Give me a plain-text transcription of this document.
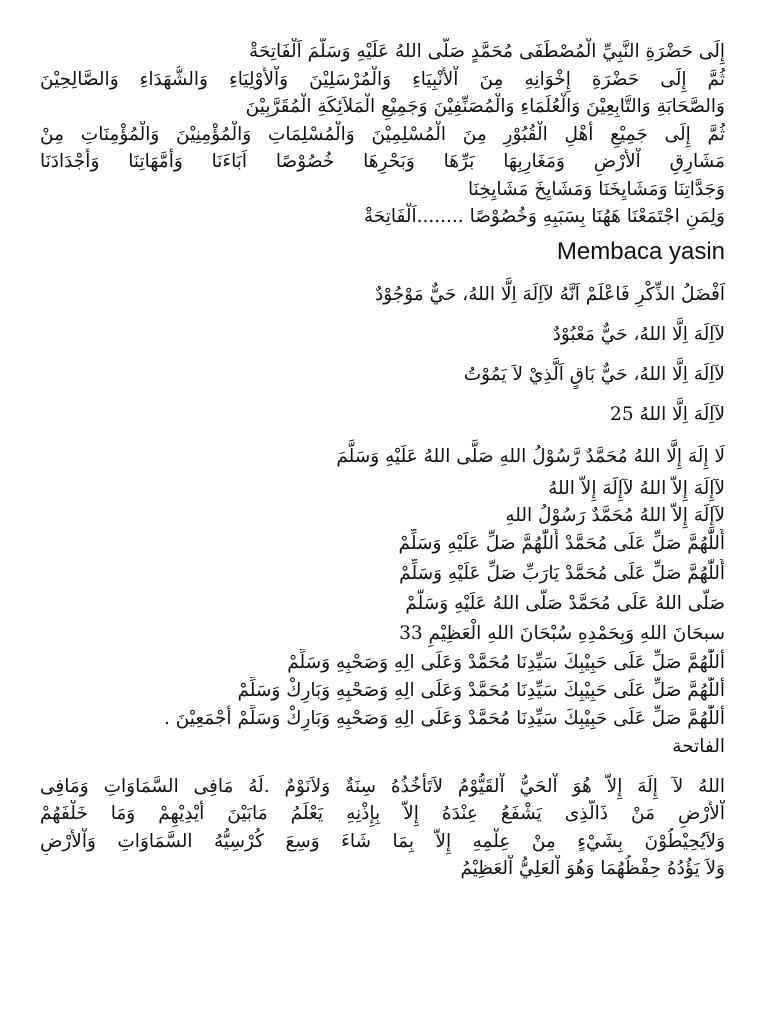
إِلَى حَضْرَةِ النَّبِيِّ الْمُصْطَفَى مُحَمَّدٍ صَلَّى اللهُ عَلَيْهِ وَسَلَّمَ اَلْفَاتِحَةْ
ثُمَّ إِلَى حَضْرَةِ إِخْوَانِهِ مِنَ اْلأَنْبِيَاءِ وَالْمُرْسَلِيْنَ وَاْلأَوْلِيَاءِ وَالشُّهَدَاءِ وَالصَّالِحِيْنَ
وَالصَّحَابَةِ وَالتَّابِعِيْنَ وَالْعُلَمَاءِ وَالْمُصَنِّفِيْنَ وَجَمِيْعِ الْمَلاَئِكَةِ الْمُقَرَّبِيْنَ
ثُمَّ إِلَى جَمِيْعِ أَهْلِ الْقُبُوْرِ مِنَ الْمُسْلِمِيْنَ وَالْمُسْلِمَاتِ وَالْمُؤْمِنِيْنَ وَالْمُؤْمِنَاتِ مِنْ
مَشَارِقِ اْلأَرْضِ وَمَغَارِبِهَا بَرِّهَا وَبَحْرِهَا خُصُوْصًا اَبَاءَنَا وَأُمَّهَاتِنَا وَأَجْدَادَنَا
وَجَدَّاتِنَا وَمَشَايِخَنَا وَمَشَايِخَ مَشَايِخِنَا
وَلِمَنِ اجْتَمَعْنَا هَهُنَا بِسَبَبِهِ وَخُصُوْصًا ........اَلْفَاتِحَةْ
Membaca yasin
اَفْضَلُ الذِّكْرِ فَاعْلَمْ اَنَّهُ لآاِلَهَ اِلَّا اللهُ، حَيٌّ مَوْجُوْدٌ
لآاِلَهَ اِلَّا اللهُ، حَيٌّ مَعْبُوْدٌ
لآاِلَهَ اِلَّا اللهُ، حَيٌّ بَاقٍ اَلَّذِيْ لاَ يَمُوْتُ
لآاِلَهَ اِلَّا اللهُ 25
لَا إِلَهَ إِلَّا اللهُ مُحَمَّدٌ رَّسُوْلُ اللهِ صَلَّى اللهُ عَلَيْهِ وَسَلَّمَ
لآإِلَهَ إِلاَّ اللهُ لآإِلَهَ إِلاَّ اللهُ
لآإِلَهَ إِلاَّ اللهُ مُحَمَّدٌ رَسُوْلُ اللهِ
أَللّٰهُمَّ صَلِّ عَلَى مُحَمَّدْ أَللّٰهُمَّ صَلِّ عَلَيْهِ وَسَلِّمْ
أَللّٰهُمَّ صَلِّ عَلَى مُحَمَّدْ يَارَبِّ صَلِّ عَلَيْهِ وَسَلِّمْ
صَلَّى اللهُ عَلَى مُحَمَّدْ صَلَّى اللهُ عَلَيْهِ وَسَلَّمْ
سبحَانَ اللهِ وَبِحَمْدِهِ سُبْحَانَ اللهِ الْعَظِيْمِ 33
أَللّٰهُمَّ صَلِّ عَلَى حَبِيْبِكَ سَيِّدِنَا مُحَمَّدْ وَعَلَى الِهِ وَصَحْبِهِ وَسَلِّمْ
أَللّٰهُمَّ صَلِّ عَلَى حَبِيْبِكَ سَيِّدِنَا مُحَمَّدْ وَعَلَى الِهِ وَصَحْبِهِ وَبَارِكْ وَسَلِّمْ
أَللّٰهُمَّ صَلِّ عَلَى حَبِيْبِكَ سَيِّدِنَا مُحَمَّدْ وَعَلَى الِهِ وَصَحْبِهِ وَبَارِكْ وَسَلِّمْ أَجْمَعِيْنَ .
الفاتحة
اللهُ لآ إِلَهَ إِلاَّ هُوَ اْلحَيُّ اْلقَيُّوْمُ لاَتَأْخُذُهُ سِنَةٌ وَلاَنَوْمٌ .لَهُ مَافِى السَّمَاوَاتِ وَمَافِى
اْلأَرْضِ مَنْ ذَالَّذِى يَشْفَعُ عِنْدَهُ إِلاَّ بِإِذْنِهِ يَعْلَمُ مَابَيْنَ أَيْدِيْهِمْ وَمَا خَلْفَهُمْ
وَلاَيُحِيْطُوْنَ بِشَيْءٍ مِنْ عِلْمِهِ إِلاَّ بِمَا شَاءَ وَسِعَ كُرْسِيُّهُ السَّمَاوَاتِ وَاْلأَرْضِ
وَلاَ يَؤُدُهُ حِفْظُهُمَا وَهُوَ اْلعَلِيُّ اْلعَظِيْمُ
